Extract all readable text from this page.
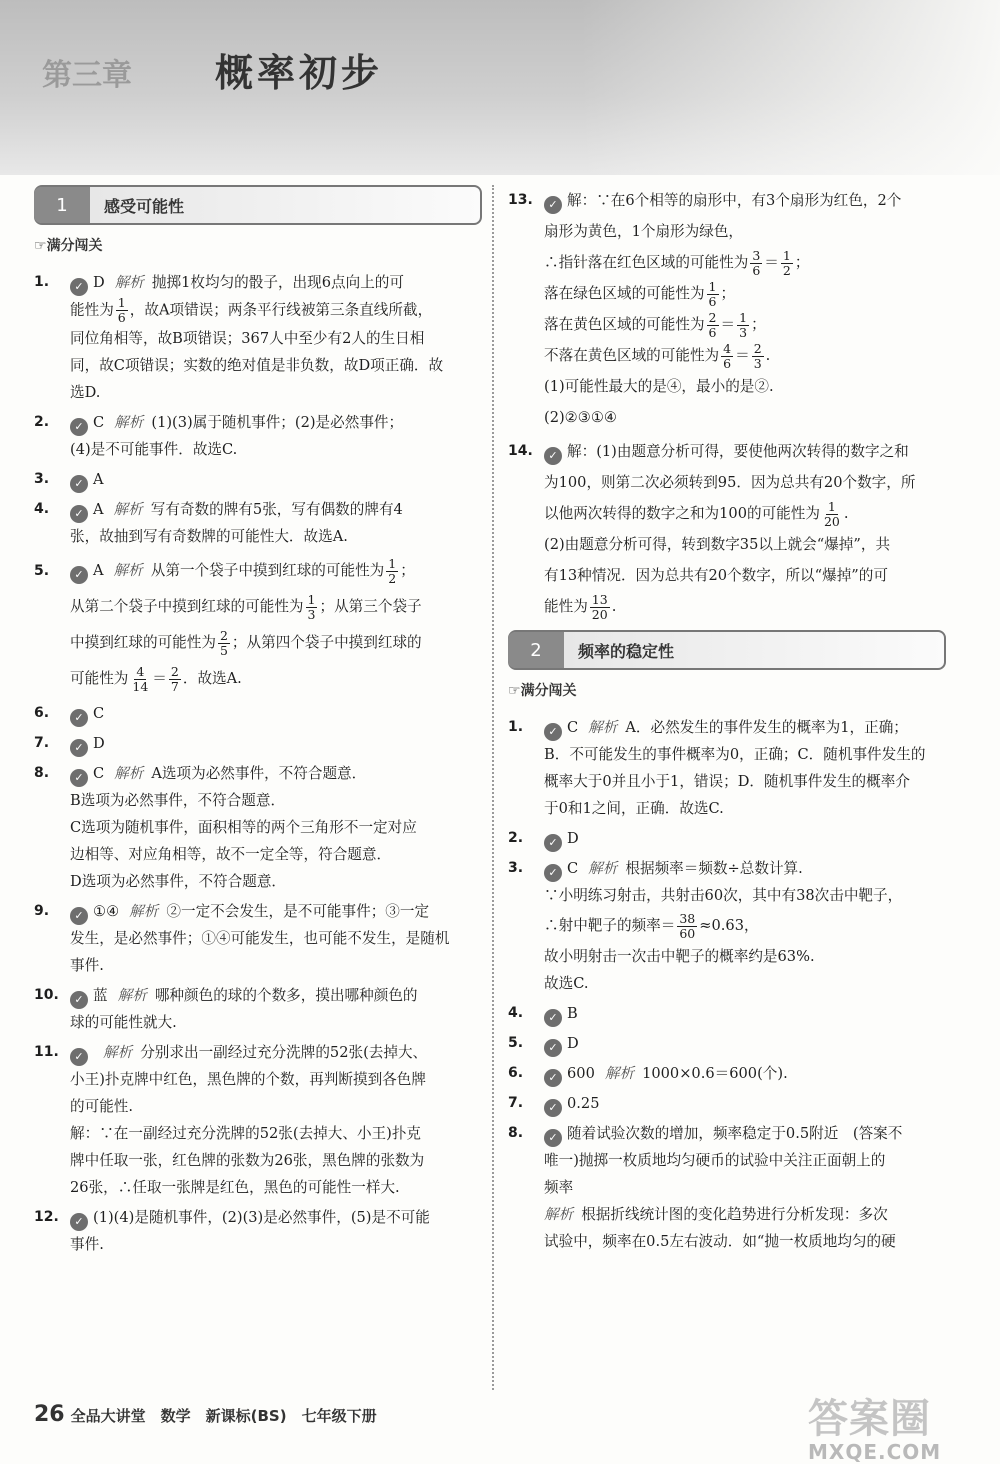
第三章 概率初步
1	感受可能性
☞满分闯关
1.	✓ D 解析 抛掷1枚均匀的骰子，出现6点向上的可
能性为 $\frac{1}{6}$ ，故A项错误；两条平行线被第三条直线所截，
同位角相等，故B项错误；367人中至少有2人的生日相
同，故C项错误；实数的绝对值是非负数，故D项正确．故
选D.
2.	✓ C 解析 (1)(3)属于随机事件；(2)是必然事件；
(4)是不可能事件．故选C.
3.	✓ A
4.	✓ A 解析 写有奇数的牌有5张，写有偶数的牌有4
张，故抽到写有奇数牌的可能性大．故选A.
5.	✓ A 解析 从第一个袋子中摸到红球的可能性为 $\frac{1}{2}$ ；
从第二个袋子中摸到红球的可能性为 $\frac{1}{3}$ ；从第三个袋子
中摸到红球的可能性为 $\frac{2}{5}$ ；从第四个袋子中摸到红球的
可能性为 $\frac{4}{14} = \frac{2}{7}$ ．故选A.
6.	✓ C
7.	✓ D
8.	✓ C 解析 A选项为必然事件，不符合题意．
B选项为必然事件，不符合题意．
C选项为随机事件，面积相等的两个三角形不一定对应
边相等、对应角相等，故不一定全等，符合题意．
D选项为必然事件，不符合题意．
9.	✓ ①④ 解析 ②一定不会发生，是不可能事件；③一定
发生，是必然事件；①④可能发生，也可能不发生，是随机
事件.
10.	✓ 蓝 解析 哪种颜色的球的个数多，摸出哪种颜色的
球的可能性就大.
11.	✓ 解析 分别求出一副经过充分洗牌的52张(去掉大、
小王)扑克牌中红色，黑色牌的个数，再判断摸到各色牌
的可能性.
解：∵在一副经过充分洗牌的52张(去掉大、小王)扑克
牌中任取一张，红色牌的张数为26张，黑色牌的张数为
26张，∴任取一张牌是红色，黑色的可能性一样大.
12.	✓ (1)(4)是随机事件，(2)(3)是必然事件，(5)是不可能
事件.
13.	✓ 解：∵在6个相等的扇形中，有3个扇形为红色，2个
扇形为黄色，1个扇形为绿色，
∴指针落在红色区域的可能性为 $\frac{3}{6} = \frac{1}{2}$ ；
落在绿色区域的可能性为 $\frac{1}{6}$ ；
落在黄色区域的可能性为 $\frac{2}{6} = \frac{1}{3}$ ；
不落在黄色区域的可能性为 $\frac{4}{6} = \frac{2}{3}$ .
(1)可能性最大的是④，最小的是②.
(2)②③①④
14.	✓ 解：(1)由题意分析可得，要使他两次转得的数字之和
为100，则第二次必须转到95．因为总共有20个数字，所
以他两次转得的数字之和为100的可能性为 $\frac{1}{20}$ .
(2)由题意分析可得，转到数字35以上就会“爆掉”，共
有13种情况．因为总共有20个数字，所以“爆掉”的可
能性为 $\frac{13}{20}$ .
2	频率的稳定性
☞满分闯关
1.	✓ C 解析 A．必然发生的事件发生的概率为1，正确；
B．不可能发生的事件概率为0，正确；C．随机事件发生的
概率大于0并且小于1，错误；D．随机事件发生的概率介
于0和1之间，正确．故选C.
2.	✓ D
3.	✓ C 解析 根据频率＝频数÷总数计算.
∵小明练习射击，共射击60次，其中有38次击中靶子，
∴射中靶子的频率＝ $\frac{38}{60} \approx 0.63$，
故小明射击一次击中靶子的概率约是63%.
故选C.
4.	✓ B
5.	✓ D
6.	✓ 600 解析 1000×0.6＝600(个).
7.	✓ 0.25
8.	✓ 随着试验次数的增加，频率稳定于0.5附近　(答案不
唯一)抛掷一枚质地均匀硬币的试验中关注正面朝上的
频率
解析 根据折线统计图的变化趋势进行分析发现：多次
试验中，频率在0.5左右波动．如“抛一枚质地均匀的硬
26 全品大讲堂　数学　新课标(BS)　七年级下册	答案圈
MXQE.COM
